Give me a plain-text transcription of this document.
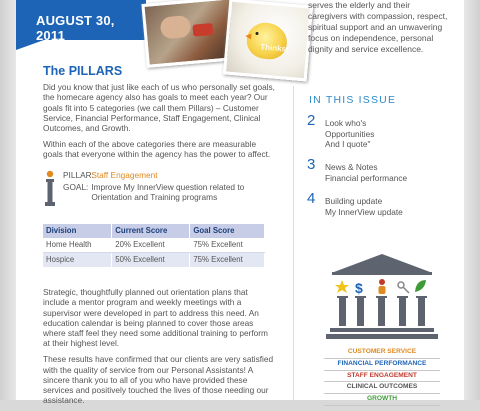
AUGUST 30, 2011
Thinkst
The PILLARS

Did you know that just like each of us who personally set goals, the homecare agency also has goals to meet each year? Our goals fit into 5 categories (we call them Pillars) – Customer Service, Financial Performance, Staff Engagement, Clinical Outcomes, and Growth.

Within each of the above categories there are measurable goals that everyone within the agency has the power to affect.

PILLAR: Staff Engagement
GOAL: Improve My InnerView question related to Orientation and Training programs
Division	Current Score	Goal Score
Home Health	20% Excellent	75% Excellent
Hospice	50% Excellent	75% Excellent

Strategic, thoughtfully planned out orientation plans that include a mentor program and weekly meetings with a supervisor were developed in part to address this need. An education calendar is being planned to cover those areas where staff feel they need some additional training to perform at their highest level.

These results have confirmed that our clients are very satisfied with the quality of service from our Personal Assistants! A sincere thank you to all of you who have provided these services and positively touched the lives of those needing our assistance.

serves the elderly and their caregivers with compassion, respect, spiritual support and an unwavering focus on independence, personal dignity and service excellence.

IN THIS ISSUE
2 Look who's
Opportunities
And I quote"
3 News & Notes
Financial performance
4 Building update
My InnerView update
$
CUSTOMER SERVICE
FINANCIAL PERFORMANCE
STAFF ENGAGEMENT
CLINICAL OUTCOMES
GROWTH
